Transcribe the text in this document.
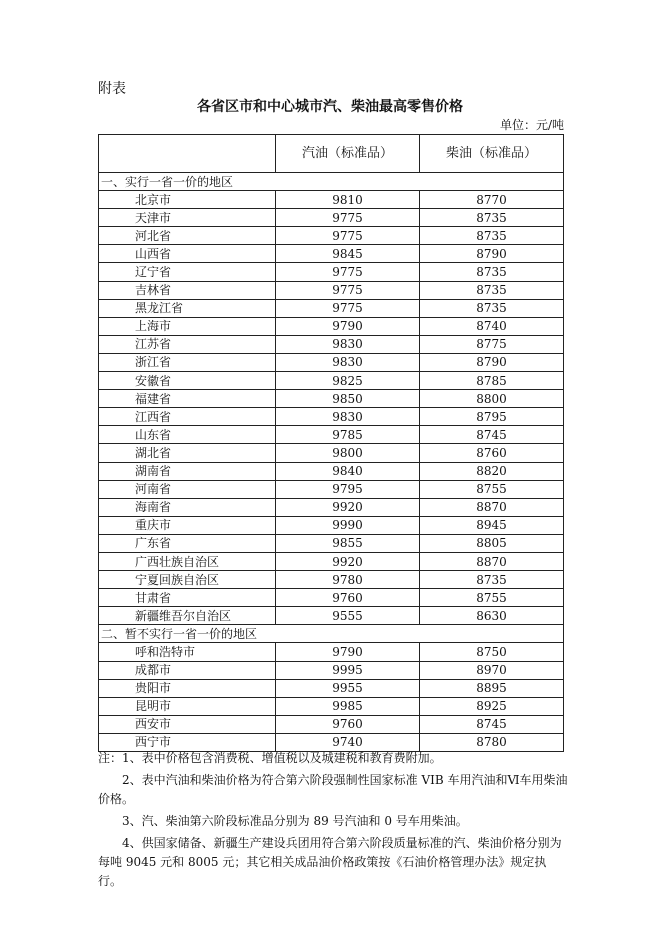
附表
各省区市和中心城市汽、柴油最高零售价格
单位：元/吨
	汽油（标准品）	柴油（标准品）
一、实行一省一价的地区		
北京市	9810	8770
天津市	9775	8735
河北省	9775	8735
山西省	9845	8790
辽宁省	9775	8735
吉林省	9775	8735
黑龙江省	9775	8735
上海市	9790	8740
江苏省	9830	8775
浙江省	9830	8790
安徽省	9825	8785
福建省	9850	8800
江西省	9830	8795
山东省	9785	8745
湖北省	9800	8760
湖南省	9840	8820
河南省	9795	8755
海南省	9920	8870
重庆市	9990	8945
广东省	9855	8805
广西壮族自治区	9920	8870
宁夏回族自治区	9780	8735
甘肃省	9760	8755
新疆维吾尔自治区	9555	8630
二、暂不实行一省一价的地区		
呼和浩特市	9790	8750
成都市	9995	8970
贵阳市	9955	8895
昆明市	9985	8925
西安市	9760	8745
西宁市	9740	8780

注：1、表中价格包含消费税、增值税以及城建税和教育费附加。

2、表中汽油和柴油价格为符合第六阶段强制性国家标准 VIB 车用汽油和Ⅵ车用柴油价格。

3、汽、柴油第六阶段标准品分别为 89 号汽油和 0 号车用柴油。

4、供国家储备、新疆生产建设兵团用符合第六阶段质量标准的汽、柴油价格分别为每吨 9045 元和 8005 元；其它相关成品油价格政策按《石油价格管理办法》规定执行。
